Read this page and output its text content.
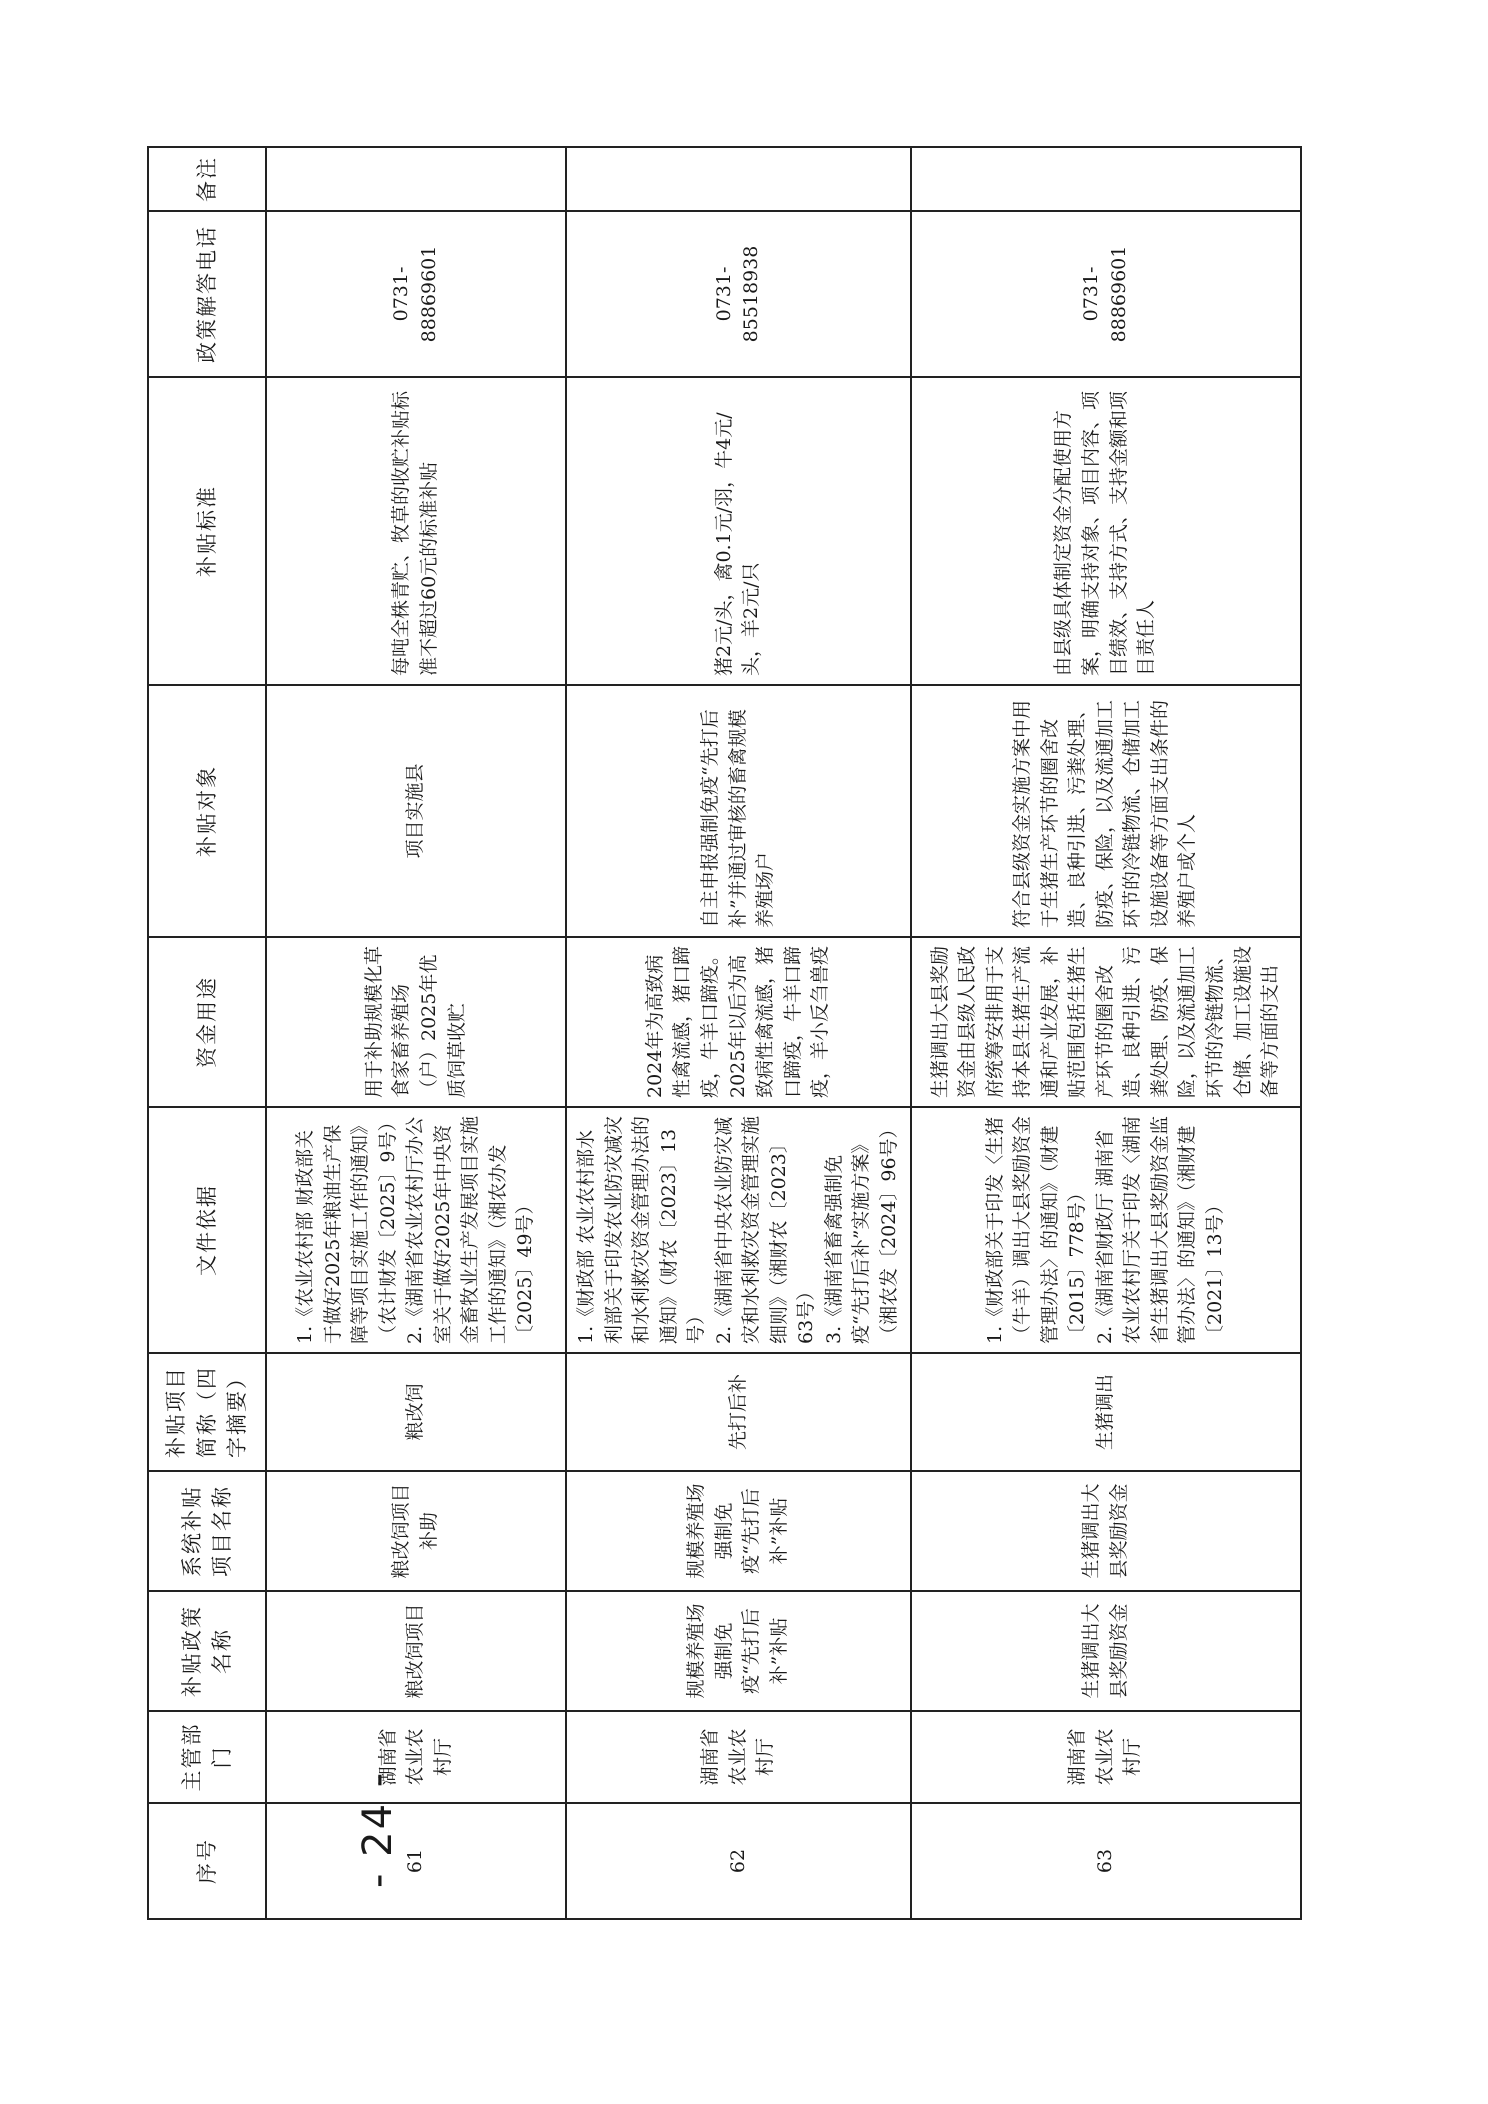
序号	主管部门	补贴政策名称	系统补贴项目名称	补贴项目简称（四字摘要）	文件依据	资金用途	补贴对象	补贴标准	政策解答电话	备注
61	湖南省农业农村厅	粮改饲项目	粮改饲项目补助	粮改饲	1.《农业农村部 财政部关于做好2025年粮油生产保障等项目实施工作的通知》（农计财发〔2025〕9号） 2.《湖南省农业农村厅办公室关于做好2025年中央资金畜牧业生产发展项目实施工作的通知》（湘农办发〔2025〕49号）	用于补助规模化草食家畜养殖场（户）2025年优质饲草收贮	项目实施县	每吨全株青贮、牧草的收贮补贴标准不超过60元的标准补贴	0731-88869601	
62	湖南省农业农村厅	规模养殖场强制免疫“先打后补”补贴	规模养殖场强制免疫“先打后补”补贴	先打后补	1.《财政部 农业农村部水利部关于印发农业防灾减灾和水利救灾资金管理办法的通知》（财农〔2023〕13号） 2.《湖南省中央农业防灾减灾和水利救灾资金管理实施细则》（湘财农〔2023〕63号） 3.《湖南省畜禽强制免疫“先打后补”实施方案》（湘农发〔2024〕96号）	2024年为高致病性禽流感，猪口蹄疫，牛羊口蹄疫。2025年以后为高致病性禽流感，猪口蹄疫，牛羊口蹄疫，羊小反刍兽疫	自主申报强制免疫“先打后补”并通过审核的畜禽规模养殖场户	猪2元/头，禽0.1元/羽，牛4元/头，羊2元/只	0731-85518938	
63	湖南省农业农村厅	生猪调出大县奖励资金	生猪调出大县奖励资金	生猪调出	1.《财政部关于印发〈生猪（牛羊）调出大县奖励资金管理办法〉的通知》（财建〔2015〕778号） 2.《湖南省财政厅 湖南省农业农村厅关于印发〈湖南省生猪调出大县奖励资金监管办法〉的通知》（湘财建〔2021〕13号）	生猪调出大县奖励资金由县级人民政府统筹安排用于支持本县生猪生产流通和产业发展，补贴范围包括生猪生产环节的圈舍改造、良种引进、污粪处理、防疫、保险，以及流通加工环节的冷链物流、仓储、加工设施设备等方面的支出	符合县级资金实施方案中用于生猪生产环节的圈舍改造、良种引进、污粪处理、防疫、保险，以及流通加工环节的冷链物流、仓储加工设施设备等方面支出条件的养殖户或个人	由县级具体制定资金分配使用方案，明确支持对象、项目内容、项目绩效、支持方式、支持金额和项目责任人	0731-88869601	
- 24 -
